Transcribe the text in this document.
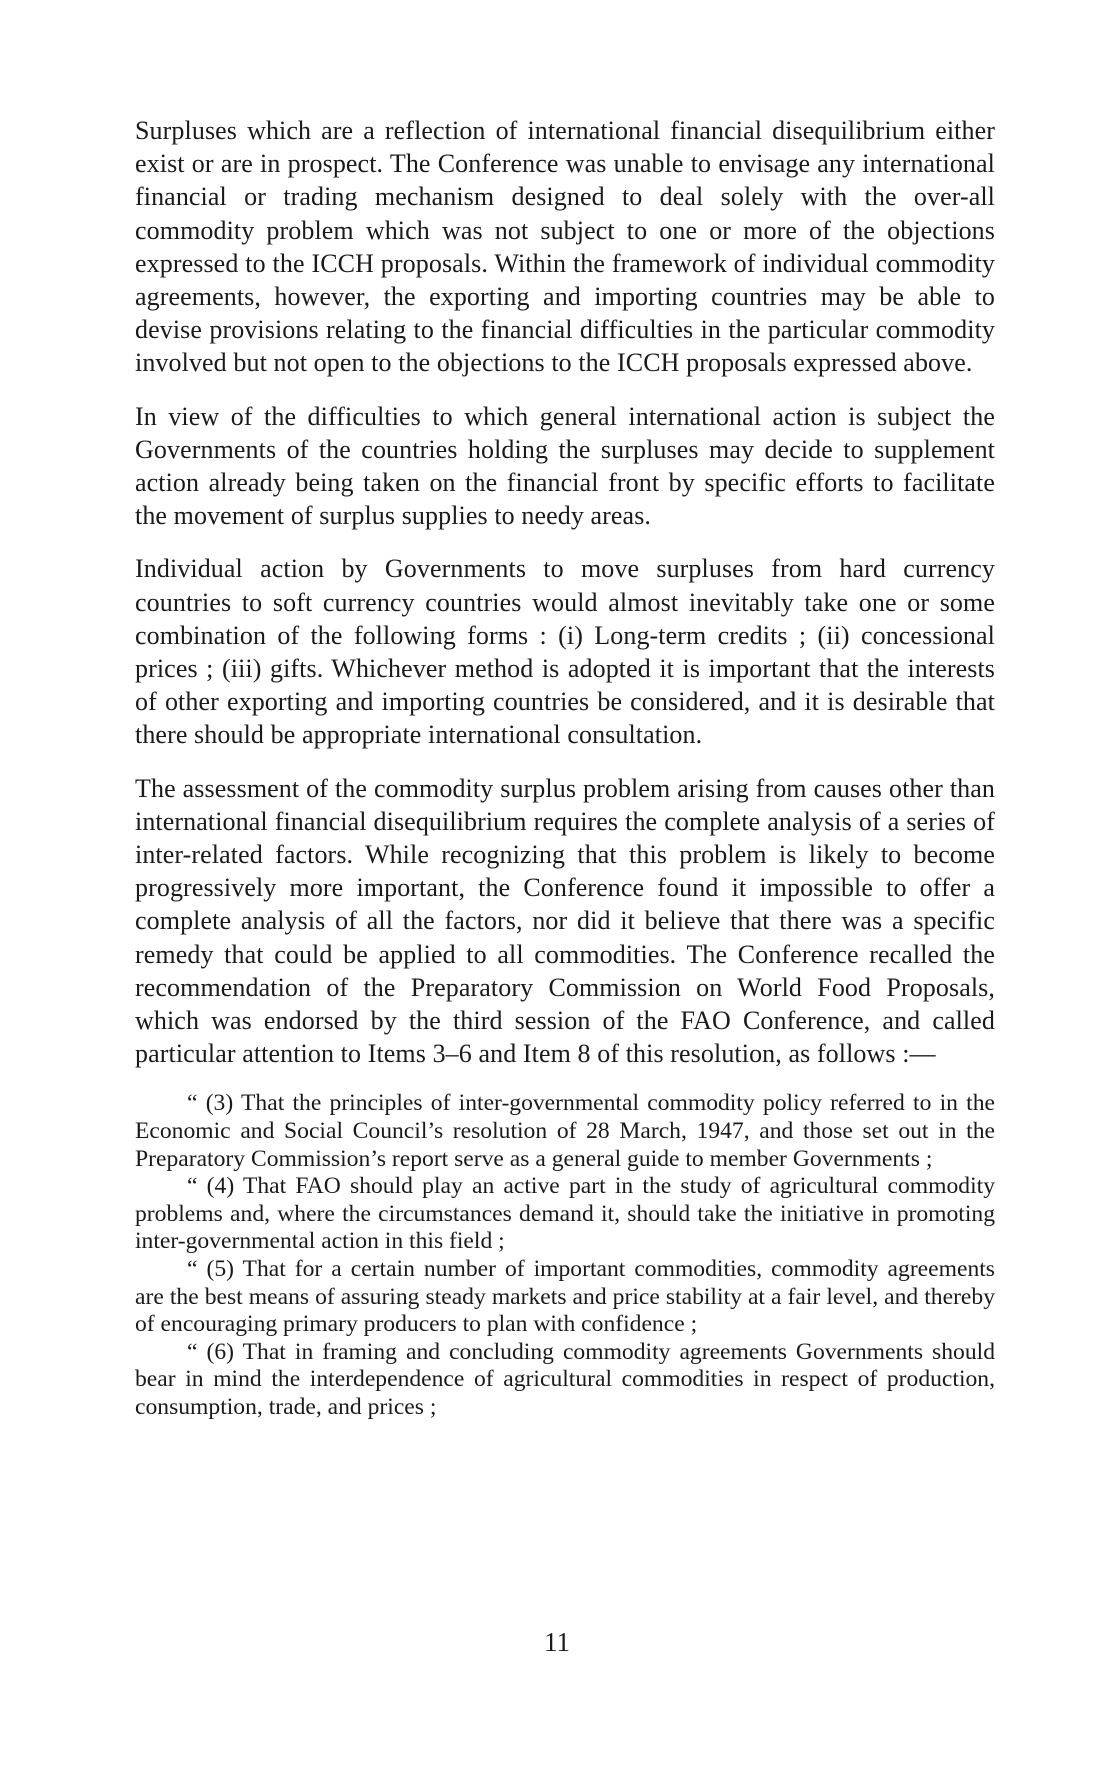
Surpluses which are a reflection of international financial disequilibrium either exist or are in prospect. The Conference was unable to envisage any international financial or trading mechanism designed to deal solely with the over-all commodity problem which was not subject to one or more of the objections expressed to the ICCH proposals. Within the framework of individual commodity agreements, however, the exporting and importing countries may be able to devise provisions relating to the financial difficulties in the particular commodity involved but not open to the objections to the ICCH proposals expressed above.

In view of the difficulties to which general international action is subject the Governments of the countries holding the surpluses may decide to supplement action already being taken on the financial front by specific efforts to facilitate the movement of surplus supplies to needy areas.

Individual action by Governments to move surpluses from hard currency countries to soft currency countries would almost inevitably take one or some combination of the following forms : (i) Long-term credits ; (ii) concessional prices ; (iii) gifts. Whichever method is adopted it is important that the interests of other exporting and importing countries be considered, and it is desirable that there should be appropriate international consultation.

The assessment of the commodity surplus problem arising from causes other than international financial disequilibrium requires the complete analysis of a series of inter-related factors. While recognizing that this problem is likely to become progressively more important, the Conference found it impossible to offer a complete analysis of all the factors, nor did it believe that there was a specific remedy that could be applied to all commodities. The Conference recalled the recommendation of the Preparatory Commission on World Food Proposals, which was endorsed by the third session of the FAO Conference, and called particular attention to Items 3–6 and Item 8 of this resolution, as follows :—

“ (3) That the principles of inter-governmental commodity policy referred to in the Economic and Social Council’s resolution of 28 March, 1947, and those set out in the Preparatory Commission’s report serve as a general guide to member Governments ;

“ (4) That FAO should play an active part in the study of agricultural commodity problems and, where the circumstances demand it, should take the initiative in promoting inter-governmental action in this field ;

“ (5) That for a certain number of important commodities, commodity agreements are the best means of assuring steady markets and price stability at a fair level, and thereby of encouraging primary producers to plan with confidence ;

“ (6) That in framing and concluding commodity agreements Governments should bear in mind the interdependence of agricultural commodities in respect of production, consumption, trade, and prices ;

11
